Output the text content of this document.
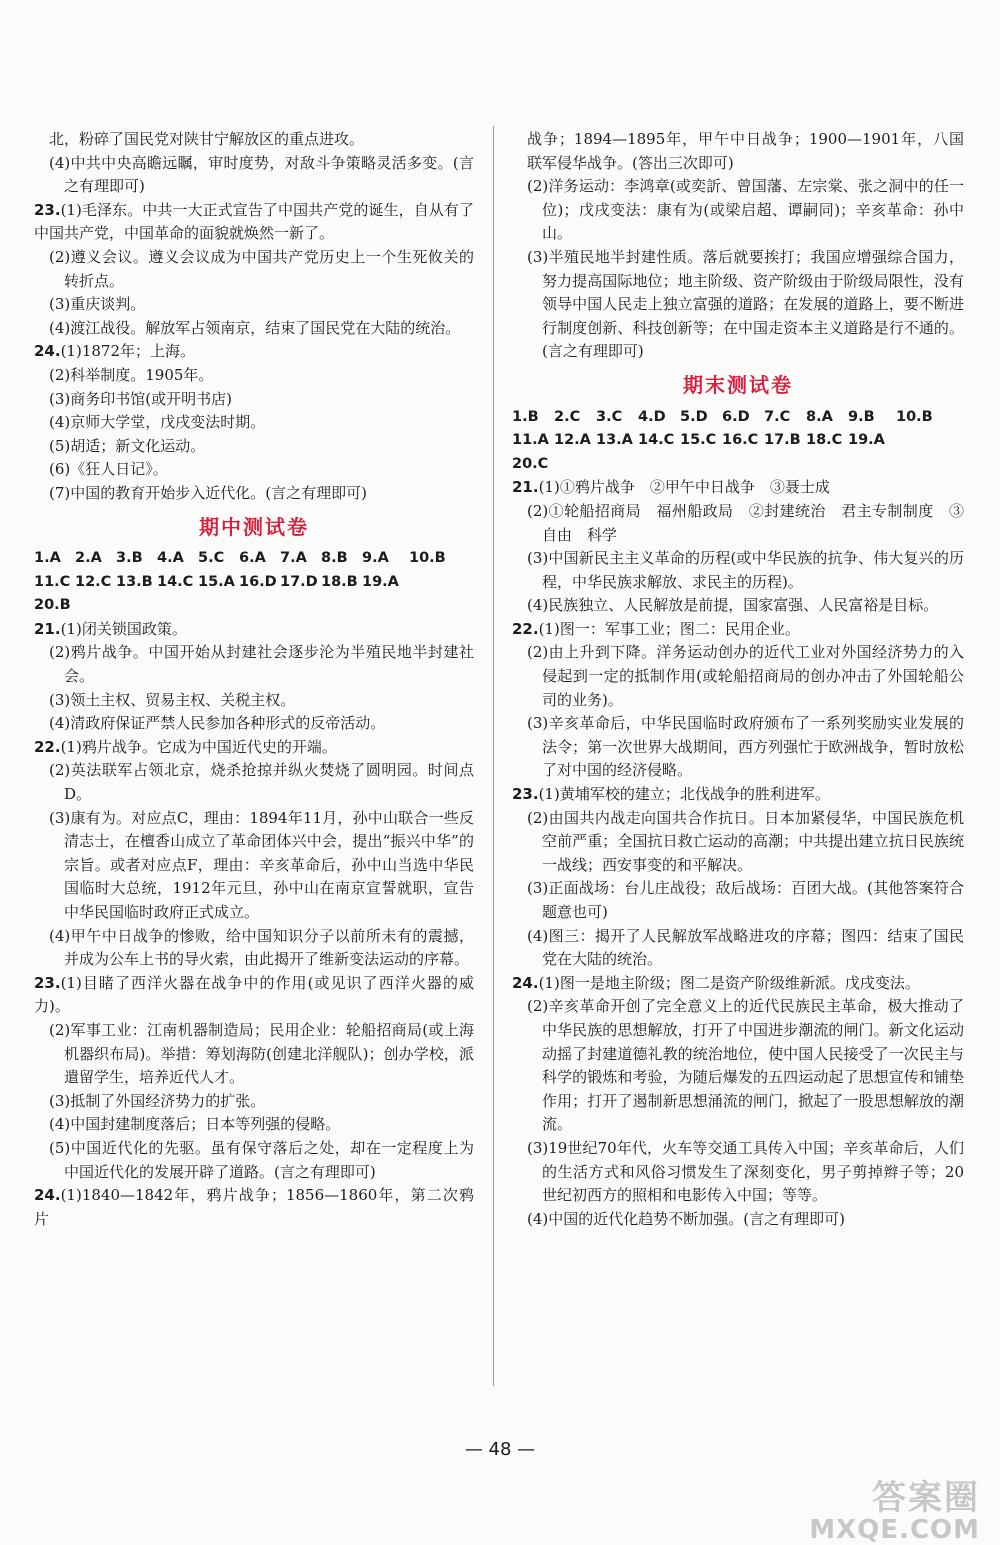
北，粉碎了国民党对陕甘宁解放区的重点进攻。

(4)中共中央高瞻远瞩，审时度势，对敌斗争策略灵活多变。(言之有理即可)

23.(1)毛泽东。中共一大正式宣告了中国共产党的诞生，自从有了中国共产党，中国革命的面貌就焕然一新了。

(2)遵义会议。遵义会议成为中国共产党历史上一个生死攸关的转折点。

(3)重庆谈判。

(4)渡江战役。解放军占领南京，结束了国民党在大陆的统治。

24.(1)1872年；上海。

(2)科举制度。1905年。

(3)商务印书馆(或开明书店)

(4)京师大学堂，戊戌变法时期。

(5)胡适；新文化运动。

(6)《狂人日记》。

(7)中国的教育开始步入近代化。(言之有理即可)

期中测试卷
1.A 2.A 3.B 4.A 5.C 6.A 7.A 8.B 9.A 10.B
11.C 12.C 13.B 14.C 15.A 16.D 17.D 18.B 19.A
20.B

21.(1)闭关锁国政策。

(2)鸦片战争。中国开始从封建社会逐步沦为半殖民地半封建社会。

(3)领土主权、贸易主权、关税主权。

(4)清政府保证严禁人民参加各种形式的反帝活动。

22.(1)鸦片战争。它成为中国近代史的开端。

(2)英法联军占领北京，烧杀抢掠并纵火焚烧了圆明园。时间点D。

(3)康有为。对应点C，理由：1894年11月，孙中山联合一些反清志士，在檀香山成立了革命团体兴中会，提出“振兴中华”的宗旨。或者对应点F，理由：辛亥革命后，孙中山当选中华民国临时大总统，1912年元旦，孙中山在南京宣誓就职，宣告中华民国临时政府正式成立。

(4)甲午中日战争的惨败，给中国知识分子以前所未有的震撼，并成为公车上书的导火索，由此揭开了维新变法运动的序幕。

23.(1)目睹了西洋火器在战争中的作用(或见识了西洋火器的威力)。

(2)军事工业：江南机器制造局；民用企业：轮船招商局(或上海机器织布局)。举措：筹划海防(创建北洋舰队)；创办学校，派遣留学生，培养近代人才。

(3)抵制了外国经济势力的扩张。

(4)中国封建制度落后；日本等列强的侵略。

(5)中国近代化的先驱。虽有保守落后之处，却在一定程度上为中国近代化的发展开辟了道路。(言之有理即可)

24.(1)1840—1842年，鸦片战争；1856—1860年，第二次鸦片

战争；1894—1895年，甲午中日战争；1900—1901年，八国联军侵华战争。(答出三次即可)

(2)洋务运动：李鸿章(或奕訢、曾国藩、左宗棠、张之洞中的任一位)；戊戌变法：康有为(或梁启超、谭嗣同)；辛亥革命：孙中山。

(3)半殖民地半封建性质。落后就要挨打；我国应增强综合国力，努力提高国际地位；地主阶级、资产阶级由于阶级局限性，没有领导中国人民走上独立富强的道路；在发展的道路上，要不断进行制度创新、科技创新等；在中国走资本主义道路是行不通的。(言之有理即可)

期末测试卷
1.B 2.C 3.C 4.D 5.D 6.D 7.C 8.A 9.B 10.B
11.A 12.A 13.A 14.C 15.C 16.C 17.B 18.C 19.A
20.C

21.(1)①鸦片战争　②甲午中日战争　③聂士成

(2)①轮船招商局　福州船政局　②封建统治　君主专制制度　③自由　科学

(3)中国新民主主义革命的历程(或中华民族的抗争、伟大复兴的历程，中华民族求解放、求民主的历程)。

(4)民族独立、人民解放是前提，国家富强、人民富裕是目标。

22.(1)图一：军事工业；图二：民用企业。

(2)由上升到下降。洋务运动创办的近代工业对外国经济势力的入侵起到一定的抵制作用(或轮船招商局的创办冲击了外国轮船公司的业务)。

(3)辛亥革命后，中华民国临时政府颁布了一系列奖励实业发展的法令；第一次世界大战期间，西方列强忙于欧洲战争，暂时放松了对中国的经济侵略。

23.(1)黄埔军校的建立；北伐战争的胜利进军。

(2)由国共内战走向国共合作抗日。日本加紧侵华，中国民族危机空前严重；全国抗日救亡运动的高潮；中共提出建立抗日民族统一战线；西安事变的和平解决。

(3)正面战场：台儿庄战役；敌后战场：百团大战。(其他答案符合题意也可)

(4)图三：揭开了人民解放军战略进攻的序幕；图四：结束了国民党在大陆的统治。

24.(1)图一是地主阶级；图二是资产阶级维新派。戊戌变法。

(2)辛亥革命开创了完全意义上的近代民族民主革命，极大推动了中华民族的思想解放，打开了中国进步潮流的闸门。新文化运动动摇了封建道德礼教的统治地位，使中国人民接受了一次民主与科学的锻炼和考验，为随后爆发的五四运动起了思想宣传和铺垫作用；打开了遏制新思想涌流的闸门，掀起了一股思想解放的潮流。

(3)19世纪70年代，火车等交通工具传入中国；辛亥革命后，人们的生活方式和风俗习惯发生了深刻变化，男子剪掉辫子等；20世纪初西方的照相和电影传入中国；等等。

(4)中国的近代化趋势不断加强。(言之有理即可)

— 48 —
答案圈
MXQE.COM
